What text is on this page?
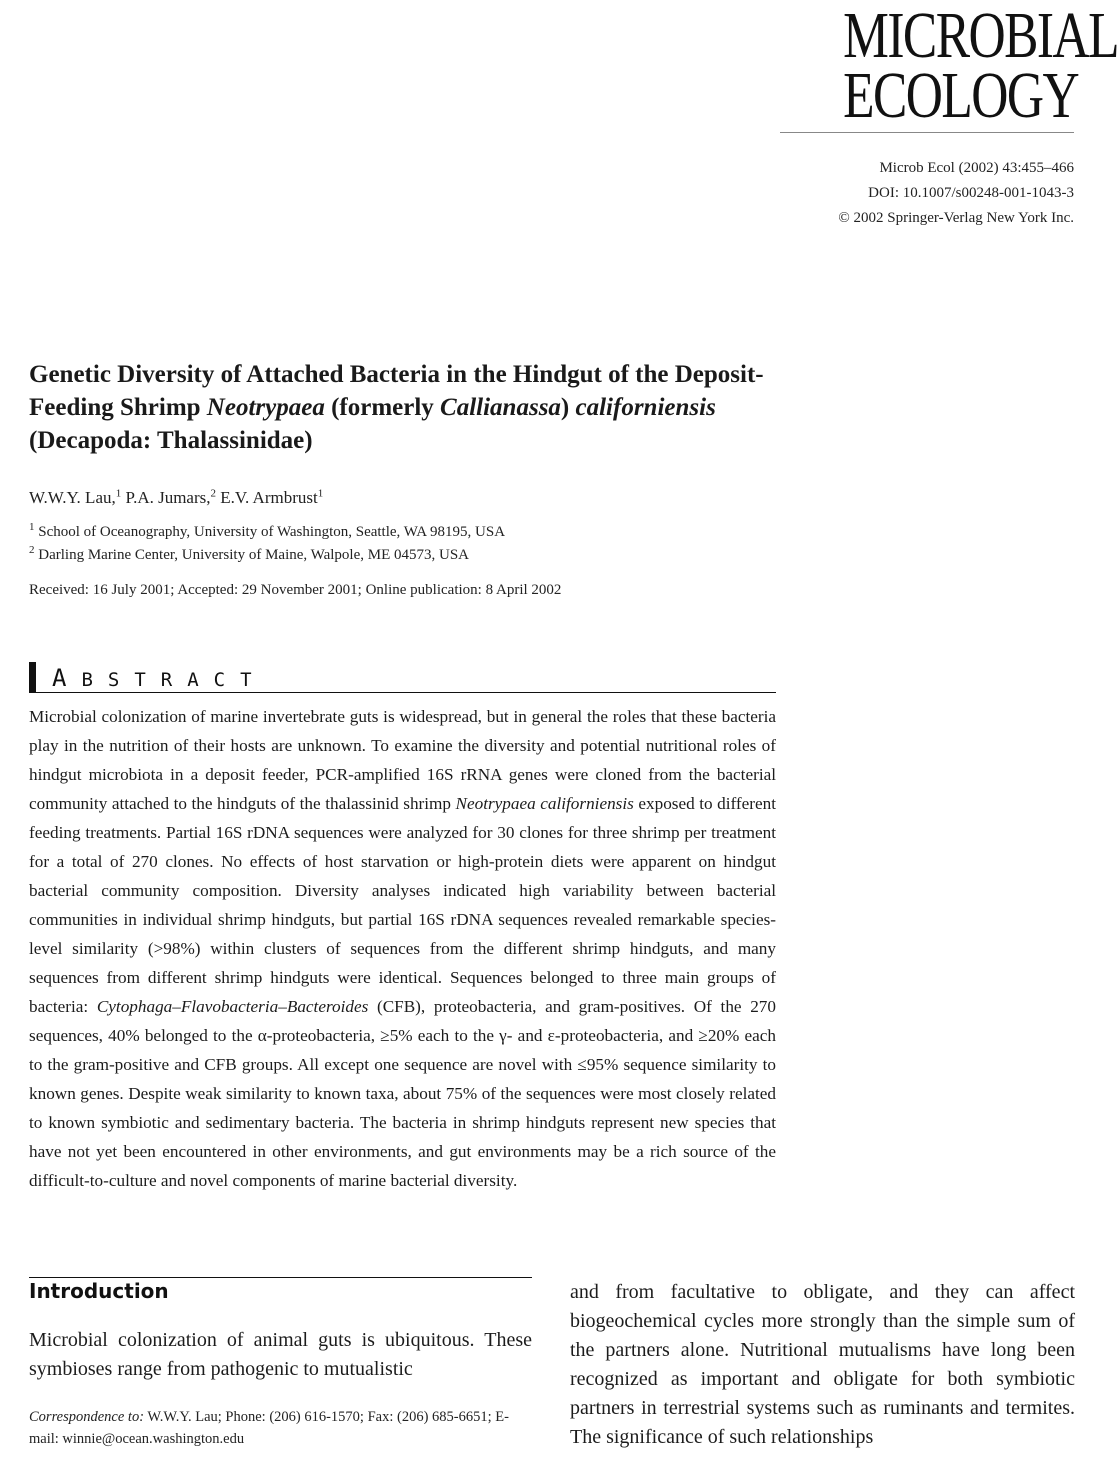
MICROBIAL
ECOLOGY
Microb Ecol (2002) 43:455–466
DOI: 10.1007/s00248-001-1043-3
© 2002 Springer-Verlag New York Inc.
Genetic Diversity of Attached Bacteria in the Hindgut of the Deposit-Feeding Shrimp Neotrypaea (formerly Callianassa) californiensis (Decapoda: Thalassinidae)
W.W.Y. Lau,$^1$ P.A. Jumars,$^2$ E.V. Armbrust$^1$
$^1$ School of Oceanography, University of Washington, Seattle, WA 98195, USA
$^2$ Darling Marine Center, University of Maine, Walpole, ME 04573, USA
Received: 16 July 2001; Accepted: 29 November 2001; Online publication: 8 April 2002
ABSTRACT
Microbial colonization of marine invertebrate guts is widespread, but in general the roles that these bacteria play in the nutrition of their hosts are unknown. To examine the diversity and potential nutritional roles of hindgut microbiota in a deposit feeder, PCR-amplified 16S rRNA genes were cloned from the bacterial community attached to the hindguts of the thalassinid shrimp Neotrypaea californiensis exposed to different feeding treatments. Partial 16S rDNA sequences were analyzed for 30 clones for three shrimp per treatment for a total of 270 clones. No effects of host starvation or high-protein diets were apparent on hindgut bacterial community composition. Diversity analyses indicated high variability between bacterial communities in individual shrimp hindguts, but partial 16S rDNA sequences revealed remarkable species-level similarity (>98%) within clusters of sequences from the different shrimp hindguts, and many sequences from different shrimp hindguts were identical. Sequences belonged to three main groups of bacteria: Cytophaga–Flavobacteria–Bacteroides (CFB), proteobacteria, and gram-positives. Of the 270 sequences, 40% belonged to the α-proteobacteria, ≥5% each to the γ- and ε-proteobacteria, and ≥20% each to the gram-positive and CFB groups. All except one sequence are novel with ≤95% sequence similarity to known genes. Despite weak similarity to known taxa, about 75% of the sequences were most closely related to known symbiotic and sedimentary bacteria. The bacteria in shrimp hindguts represent new species that have not yet been encountered in other environments, and gut environments may be a rich source of the difficult-to-culture and novel components of marine bacterial diversity.
Introduction
Microbial colonization of animal guts is ubiquitous. These symbioses range from pathogenic to mutualistic
Correspondence to: W.W.Y. Lau; Phone: (206) 616-1570; Fax: (206) 685-6651; E-mail: winnie@ocean.washington.edu
and from facultative to obligate, and they can affect biogeochemical cycles more strongly than the simple sum of the partners alone. Nutritional mutualisms have long been recognized as important and obligate for both symbiotic partners in terrestrial systems such as ruminants and termites. The significance of such relationships
